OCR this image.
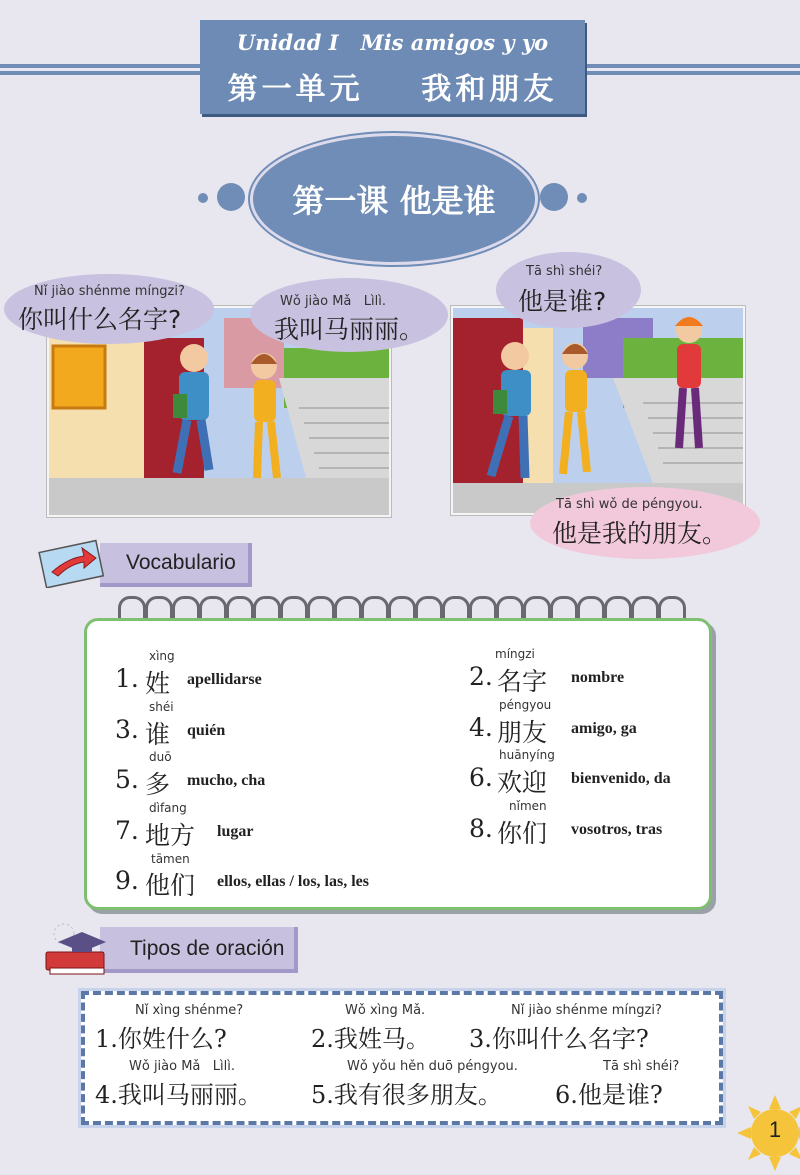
Unidad I   Mis amigos y yo
第一单元    我和朋友
第一课 他是谁
Nǐ jiào shénme míngzi?
你叫什么名字?
Wǒ jiào Mǎ   Lìlì.
我叫马丽丽。
Tā shì shéi?
他是谁?
Tā shì wǒ de péngyou.
他是我的朋友。
Vocabulario
xìng
1. 姓 apellidarse
míngzi
2. 名字 nombre
shéi
3. 谁 quién
péngyou
4. 朋友 amigo, ga
duō
5. 多 mucho, cha
huānyíng
6. 欢迎 bienvenido, da
dìfang
7. 地方 lugar
nǐmen
8. 你们 vosotros, tras
tāmen
9. 他们 ellos, ellas / los, las, les
Tipos de oración
Nǐ xìng shénme?
1.你姓什么?
Wǒ xìng Mǎ.
2.我姓马。
Nǐ jiào shénme míngzi?
3.你叫什么名字?
Wǒ jiào Mǎ   Lìlì.
4.我叫马丽丽。
Wǒ yǒu hěn duō péngyou.
5.我有很多朋友。
Tā shì shéi?
6.他是谁?
1
